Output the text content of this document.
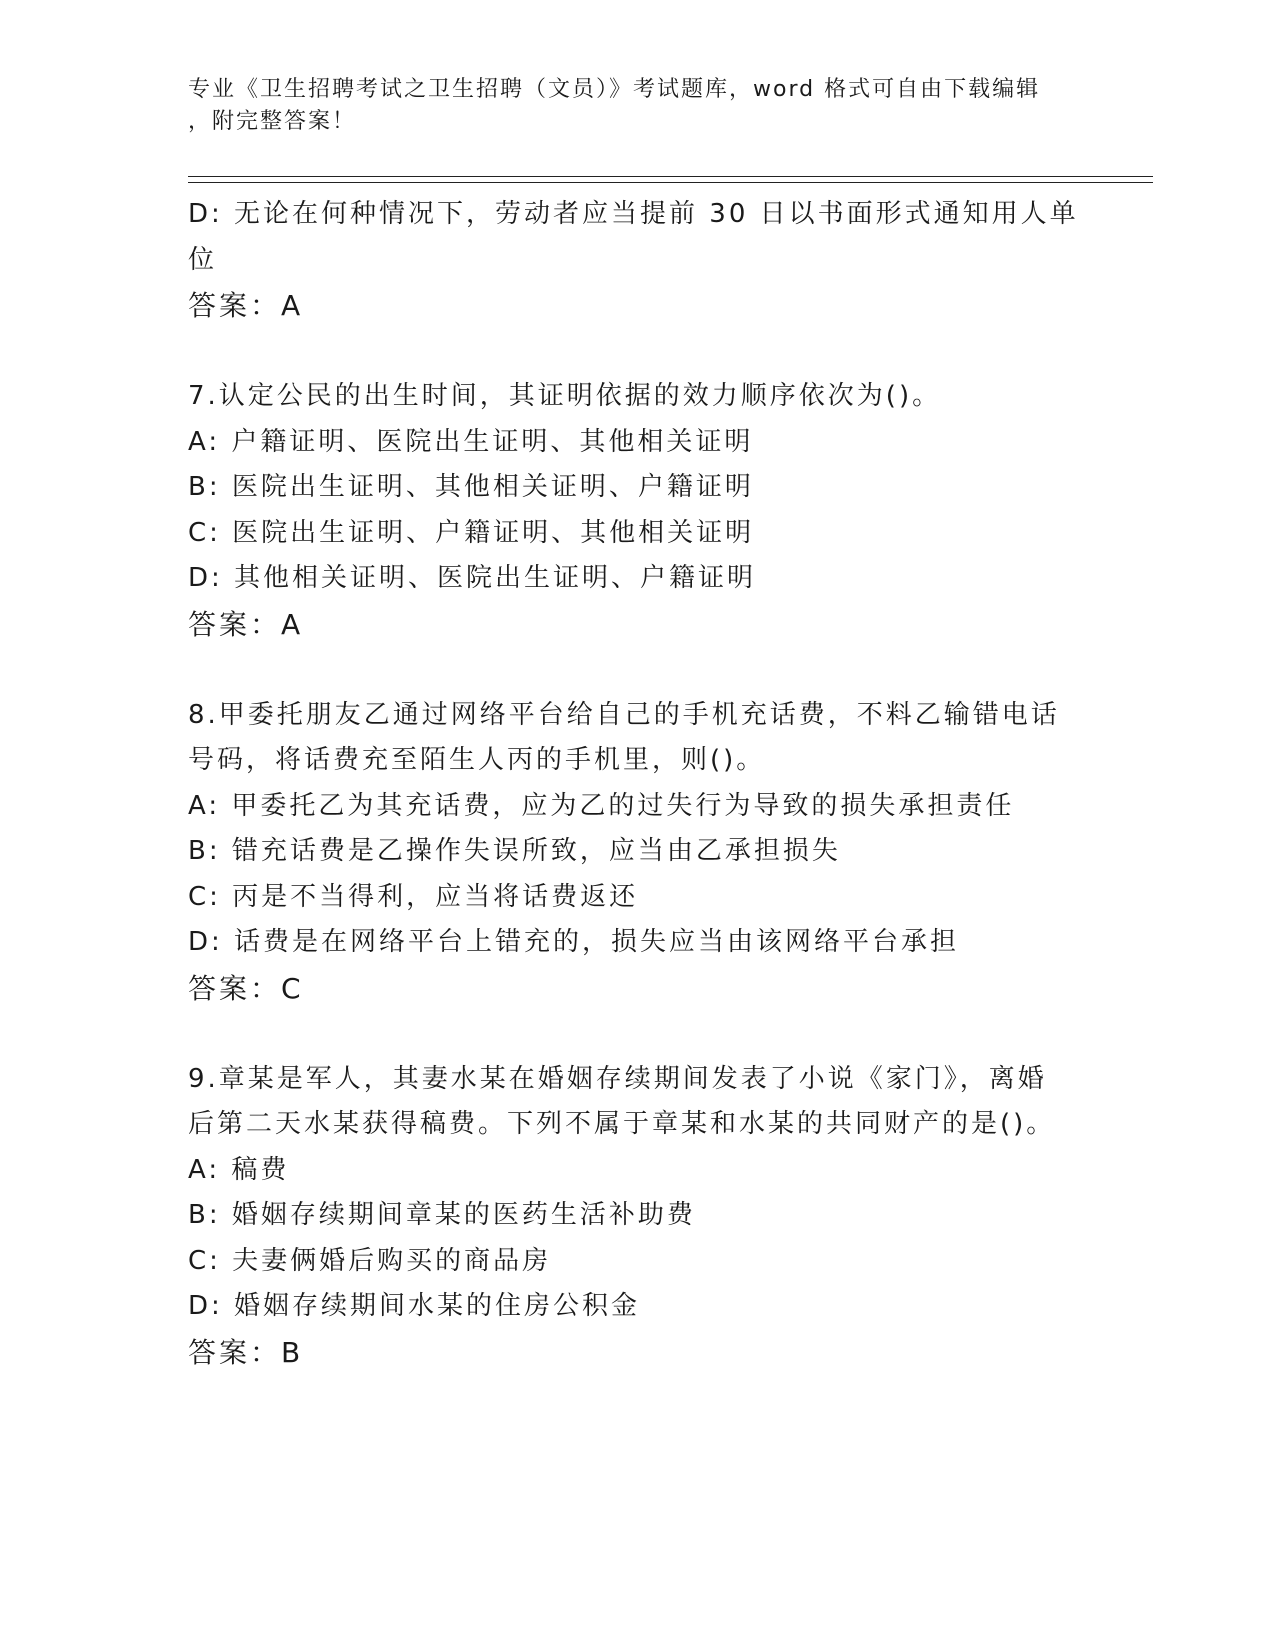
专业《卫生招聘考试之卫生招聘（文员）》考试题库，word 格式可自由下载编辑
，附完整答案！
D: 无论在何种情况下，劳动者应当提前 30 日以书面形式通知用人单
位
答案：A
7.认定公民的出生时间，其证明依据的效力顺序依次为()。
A: 户籍证明、医院出生证明、其他相关证明
B: 医院出生证明、其他相关证明、户籍证明
C: 医院出生证明、户籍证明、其他相关证明
D: 其他相关证明、医院出生证明、户籍证明
答案：A
8.甲委托朋友乙通过网络平台给自己的手机充话费，不料乙输错电话
号码，将话费充至陌生人丙的手机里，则()。
A: 甲委托乙为其充话费，应为乙的过失行为导致的损失承担责任
B: 错充话费是乙操作失误所致，应当由乙承担损失
C: 丙是不当得利，应当将话费返还
D: 话费是在网络平台上错充的，损失应当由该网络平台承担
答案：C
9.章某是军人，其妻水某在婚姻存续期间发表了小说《家门》，离婚
后第二天水某获得稿费。下列不属于章某和水某的共同财产的是()。
A: 稿费
B: 婚姻存续期间章某的医药生活补助费
C: 夫妻俩婚后购买的商品房
D: 婚姻存续期间水某的住房公积金
答案：B
